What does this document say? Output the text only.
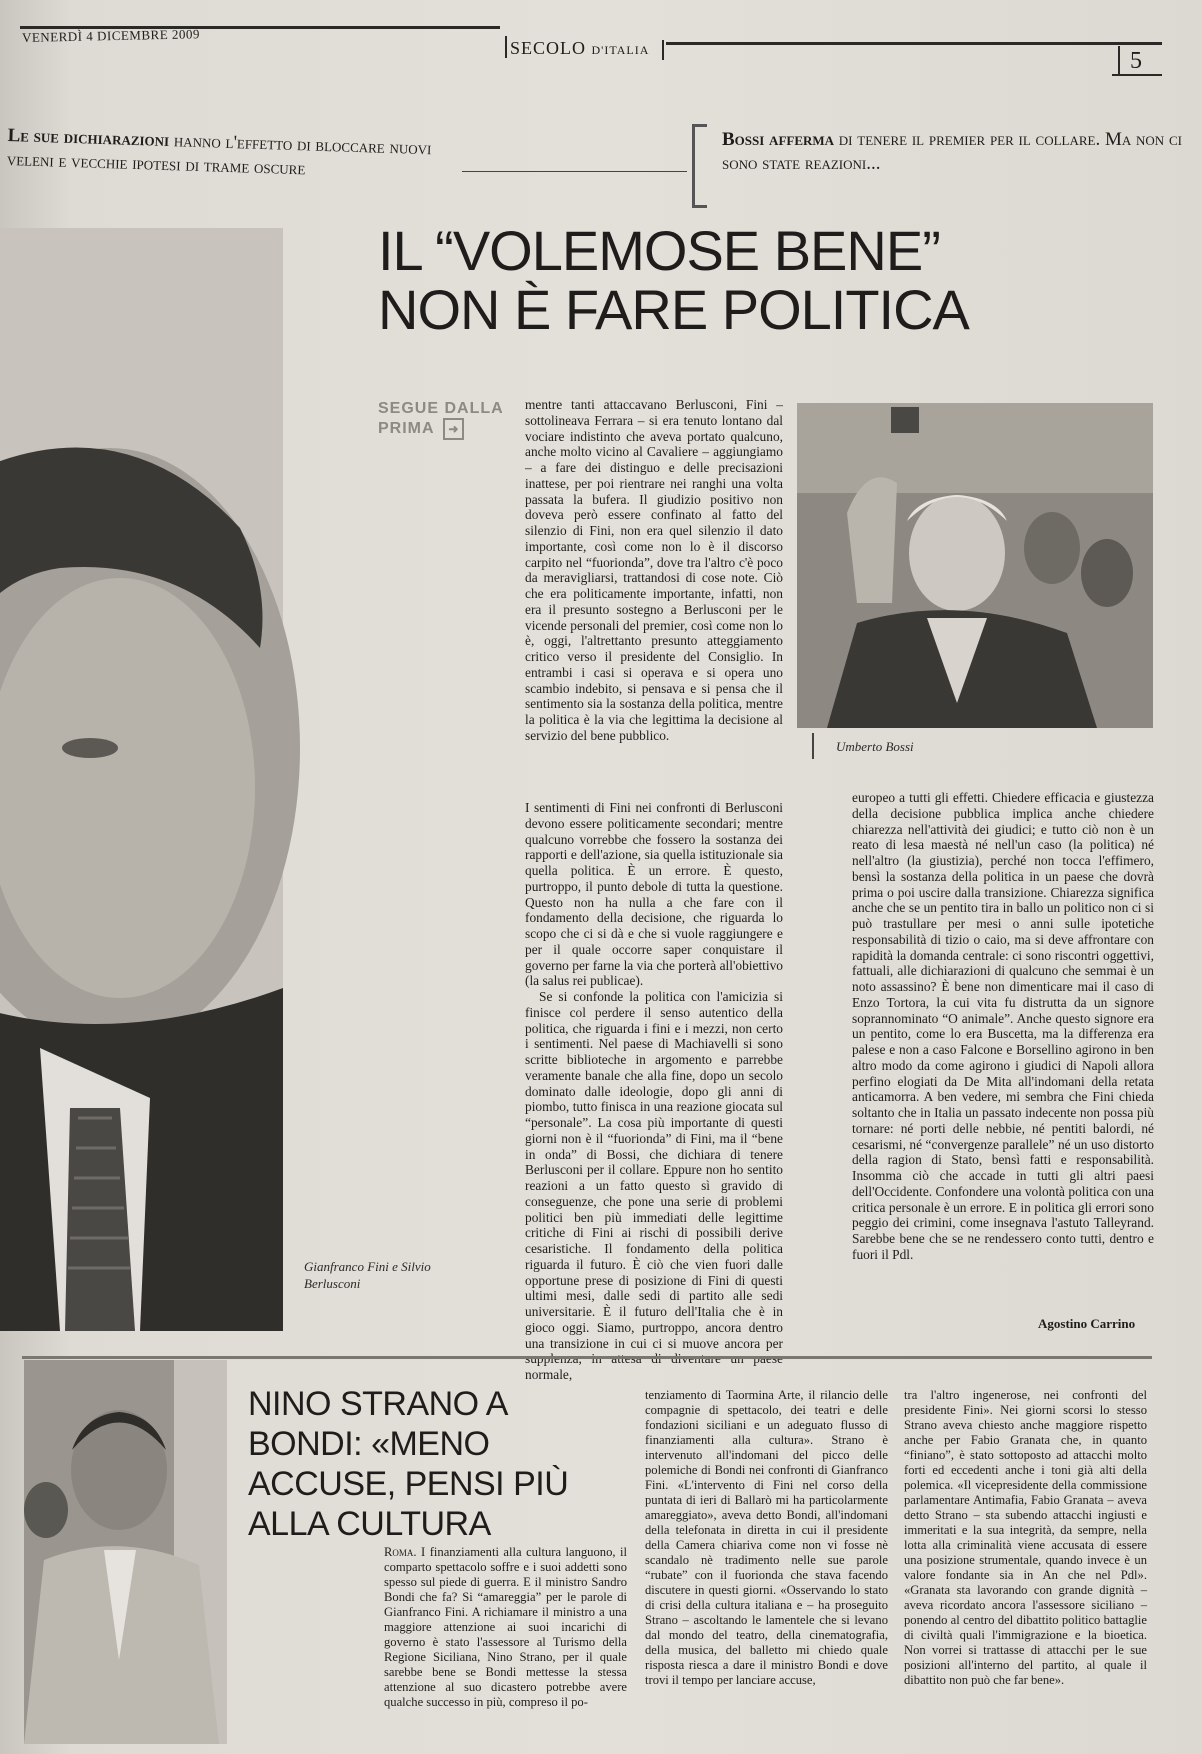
VENERDÌ 4 DICEMBRE 2009
SECOLO D'ITALIA	5
Le sue dichiarazioni hanno l'effetto di bloccare nuovi veleni e vecchie ipotesi di trame oscure
Bossi afferma di tenere il premier per il collare. Ma non ci sono state reazioni...
Gianfranco Fini e Silvio Berlusconi
IL “VOLEMOSE BENE”
NON È FARE POLITICA
SEGUE DALLA PRIMA ➜
Umberto Bossi

mentre tanti attaccavano Berlusconi, Fini – sottolineava Ferrara – si era tenuto lontano dal vociare indistinto che aveva portato qualcuno, anche molto vicino al Cavaliere – aggiungiamo – a fare dei distinguo e delle precisazioni inattese, per poi rientrare nei ranghi una volta passata la bufera. Il giudizio positivo non doveva però essere confinato al fatto del silenzio di Fini, non era quel silenzio il dato importante, così come non lo è il discorso carpito nel “fuorionda”, dove tra l'altro c'è poco da meravigliarsi, trattandosi di cose note. Ciò che era politicamente importante, infatti, non era il presunto sostegno a Berlusconi per le vicende personali del premier, così come non lo è, oggi, l'altrettanto presunto atteggiamento critico verso il presidente del Consiglio. In entrambi i casi si operava e si opera uno scambio indebito, si pensava e si pensa che il sentimento sia la sostanza della politica, mentre la politica è la via che legittima la decisione al servizio del bene pubblico.

I sentimenti di Fini nei confronti di Berlusconi devono essere politicamente secondari; mentre qualcuno vorrebbe che fossero la sostanza dei rapporti e dell'azione, sia quella istituzionale sia quella politica. È un errore. È questo, purtroppo, il punto debole di tutta la questione. Questo non ha nulla a che fare con il fondamento della decisione, che riguarda lo scopo che ci si dà e che si vuole raggiungere e per il quale occorre saper conquistare il governo per farne la via che porterà all'obiettivo (la salus rei publicae).

Se si confonde la politica con l'amicizia si finisce col perdere il senso autentico della politica, che riguarda i fini e i mezzi, non certo i sentimenti. Nel paese di Machiavelli si sono scritte biblioteche in argomento e parrebbe veramente banale che alla fine, dopo un secolo dominato dalle ideologie, dopo gli anni di piombo, tutto finisca in una reazione giocata sul “personale”. La cosa più importante di questi giorni non è il “fuorionda” di Fini, ma il “bene in onda” di Bossi, che dichiara di tenere Berlusconi per il collare. Eppure non ho sentito reazioni a un fatto questo sì gravido di conseguenze, che pone una serie di problemi politici ben più immediati delle legittime critiche di Fini ai rischi di possibili derive cesaristiche. Il fondamento della politica riguarda il futuro. È ciò che vien fuori dalle opportune prese di posizione di Fini di questi ultimi mesi, dalle sedi di partito alle sedi universitarie. È il futuro dell'Italia che è in gioco oggi. Siamo, purtroppo, ancora dentro una transizione in cui ci si muove ancora per normale,

europeo a tutti gli effetti. Chiedere efficacia e giustezza della decisione pubblica implica anche chiedere chiarezza nell'attività dei giudici; e tutto ciò non è un reato di lesa maestà né nell'un caso (la politica) né nell'altro (la giustizia), perché non tocca l'effimero, bensì la sostanza della politica in un paese che dovrà prima o poi uscire dalla transizione. Chiarezza significa anche che se un pentito tira in ballo un politico non ci si può trastullare per mesi o anni sulle ipotetiche responsabilità di tizio o caio, ma si deve affrontare con rapidità la domanda centrale: ci sono riscontri oggettivi, fattuali, alle dichiarazioni di qualcuno che semmai è un noto assassino? È bene non dimenticare mai il caso di Enzo Tortora, la cui vita fu distrutta da un signore soprannominato “O animale”. Anche questo signore era un pentito, come lo era Buscetta, ma la differenza era palese e non a caso Falcone e Borsellino agirono in ben altro modo da come agirono i giudici di Napoli allora perfino elogiati da De Mita all'indomani della retata anticamorra. A ben vedere, mi sembra che Fini chieda soltanto che in Italia un passato indecente non possa più tornare: né porti delle nebbie, né pentiti balordi, né cesarismi, né “convergenze parallele” né un uso distorto della ragion di Stato, bensì fatti e responsabilità. Insomma ciò che accade in tutti gli altri paesi dell'Occidente. Confondere una volontà politica con una critica personale è un errore. E in politica gli errori sono peggio dei crimini, come insegnava l'astuto Talleyrand. Sarebbe bene che se ne rendessero conto tutti, dentro e fuori il Pdl.

Agostino Carrino
NINO STRANO A BONDI: «MENO ACCUSE, PENSI PIÙ ALLA CULTURA

Roma. I finanziamenti alla cultura languono, il comparto spettacolo soffre e i suoi addetti sono spesso sul piede di guerra. E il ministro Sandro Bondi che fa? Si “amareggia” per le parole di Gianfranco Fini. A richiamare il ministro a una maggiore attenzione ai suoi incarichi di governo è stato l'assessore al Turismo della Regione Siciliana, Nino Strano, per il quale sarebbe bene se Bondi mettesse la stessa attenzione al suo dicastero potrebbe avere qualche successo in più, compreso il po-

tenziamento di Taormina Arte, il rilancio delle compagnie di spettacolo, dei teatri e delle fondazioni siciliani e un adeguato flusso di finanziamenti alla cultura». Strano è intervenuto all'indomani del picco delle polemiche di Bondi nei confronti di Gianfranco Fini. «L'intervento di Fini nel corso della puntata di ieri di Ballarò mi ha particolarmente amareggiato», aveva detto Bondi, all'indomani della telefonata in diretta in cui il presidente della Camera chiariva come non vi fosse nè scandalo nè tradimento nelle sue parole “rubate” con il fuorionda che stava facendo discutere in questi giorni. «Osservando lo stato di crisi della cultura italiana e – ha proseguito Strano – ascoltando le lamentele che si levano dal mondo del teatro, della cinematografia, della musica, del balletto mi chiedo quale risposta riesca a dare il ministro Bondi e dove trovi il tempo per lanciare accuse,

tra l'altro ingenerose, nei confronti del presidente Fini». Nei giorni scorsi lo stesso Strano aveva chiesto anche maggiore rispetto anche per Fabio Granata che, in quanto “finiano”, è stato sottoposto ad attacchi molto forti ed eccedenti anche i toni già alti della polemica. «Il vicepresidente della commissione parlamentare Antimafia, Fabio Granata – aveva detto Strano – sta subendo attacchi ingiusti e immeritati e la sua integrità, da sempre, nella lotta alla criminalità viene accusata di essere una posizione strumentale, quando invece è un valore fondante sia in An che nel Pdl». «Granata sta lavorando con grande dignità – aveva ricordato ancora l'assessore siciliano – ponendo al centro del dibattito politico battaglie di civiltà quali l'immigrazione e la bioetica. Non vorrei si trattasse di attacchi per le sue posizioni all'interno del partito, al quale il dibattito non può che far bene».
